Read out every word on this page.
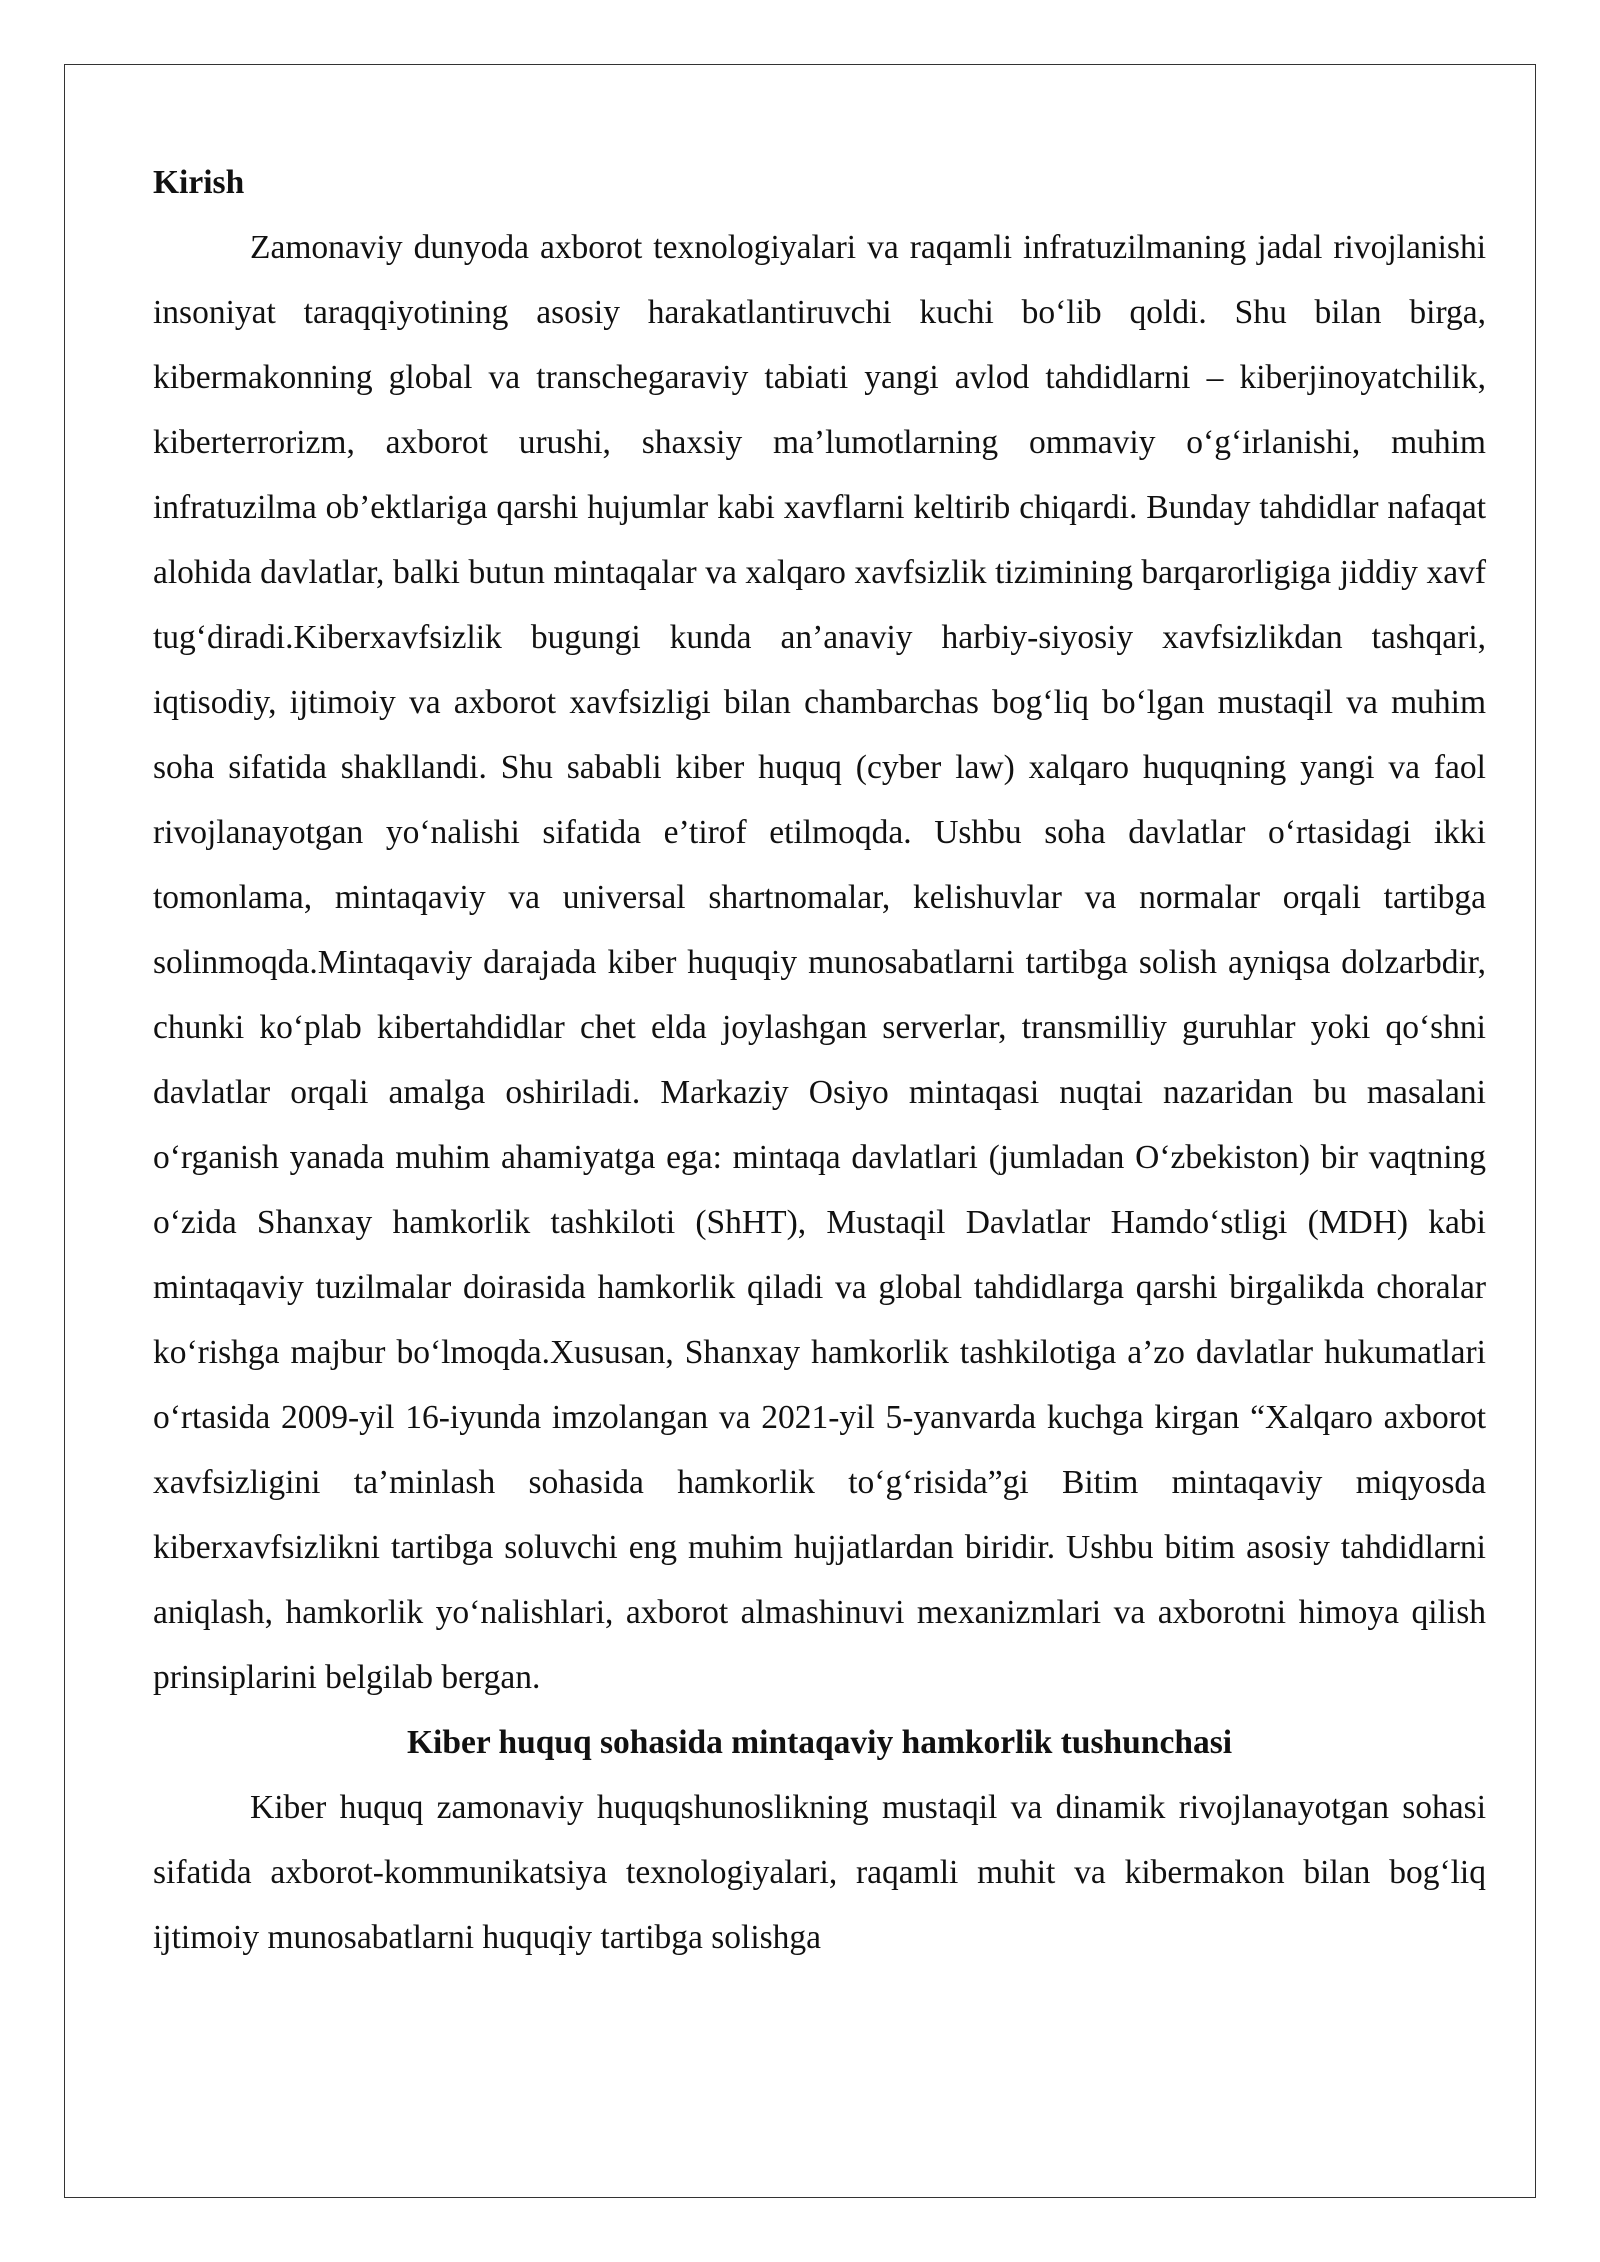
Kirish

Zamonaviy dunyoda axborot texnologiyalari va raqamli infratuzilmaning jadal rivojlanishi insoniyat taraqqiyotining asosiy harakatlantiruvchi kuchi bo‘lib qoldi. Shu bilan birga, kibermakonning global va transchegaraviy tabiati yangi avlod tahdidlarni – kiberjinoyatchilik, kiberterrorizm, axborot urushi, shaxsiy ma’lumotlarning ommaviy o‘g‘irlanishi, muhim infratuzilma ob’ektlariga qarshi hujumlar kabi xavflarni keltirib chiqardi. Bunday tahdidlar nafaqat alohida davlatlar, balki butun mintaqalar va xalqaro xavfsizlik tizimining barqarorligiga jiddiy xavf tug‘diradi.Kiberxavfsizlik bugungi kunda an’anaviy harbiy-siyosiy xavfsizlikdan tashqari, iqtisodiy, ijtimoiy va axborot xavfsizligi bilan chambarchas bog‘liq bo‘lgan mustaqil va muhim soha sifatida shakllandi. Shu sababli kiber huquq (cyber law) xalqaro huquqning yangi va faol rivojlanayotgan yo‘nalishi sifatida e’tirof etilmoqda. Ushbu soha davlatlar o‘rtasidagi ikki tomonlama, mintaqaviy va universal shartnomalar, kelishuvlar va normalar orqali tartibga solinmoqda.Mintaqaviy darajada kiber huquqiy munosabatlarni tartibga solish ayniqsa dolzarbdir, chunki ko‘plab kibertahdidlar chet elda joylashgan serverlar, transmilliy guruhlar yoki qo‘shni davlatlar orqali amalga oshiriladi. Markaziy Osiyo mintaqasi nuqtai nazaridan bu masalani o‘rganish yanada muhim ahamiyatga ega: mintaqa davlatlari (jumladan O‘zbekiston) bir vaqtning o‘zida Shanxay hamkorlik tashkiloti (ShHT), Mustaqil Davlatlar Hamdo‘stligi (MDH) kabi mintaqaviy tuzilmalar doirasida hamkorlik qiladi va global tahdidlarga qarshi birgalikda choralar ko‘rishga majbur bo‘lmoqda.Xususan, Shanxay hamkorlik tashkilotiga a’zo davlatlar hukumatlari o‘rtasida 2009-yil 16-iyunda imzolangan va 2021-yil 5-yanvarda kuchga kirgan “Xalqaro axborot xavfsizligini ta’minlash sohasida hamkorlik to‘g‘risida”gi Bitim mintaqaviy miqyosda kiberxavfsizlikni tartibga soluvchi eng muhim hujjatlardan biridir. Ushbu bitim asosiy tahdidlarni aniqlash, hamkorlik yo‘nalishlari, axborot almashinuvi mexanizmlari va axborotni himoya qilish prinsiplarini belgilab bergan.

Kiber huquq sohasida mintaqaviy hamkorlik tushunchasi

Kiber huquq zamonaviy huquqshunoslikning mustaqil va dinamik rivojlanayotgan sohasi sifatida axborot-kommunikatsiya texnologiyalari, raqamli muhit va kibermakon bilan bog‘liq ijtimoiy munosabatlarni huquqiy tartibga solishga
